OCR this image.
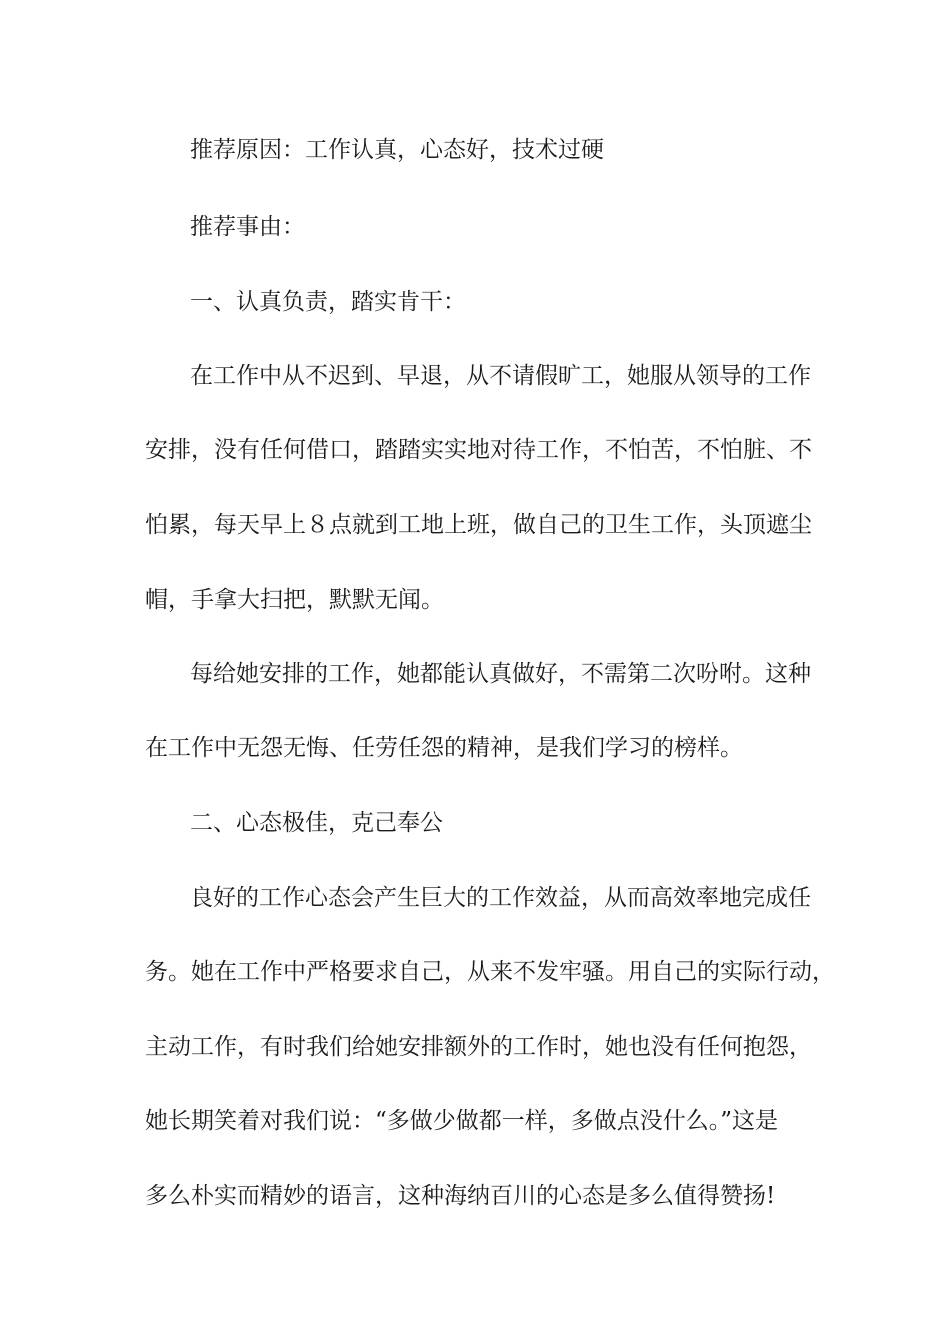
推荐原因：工作认真，心态好，技术过硬
推荐事由：
一、认真负责，踏实肯干：
在工作中从不迟到、早退，从不请假旷工，她服从领导的工作
安排，没有任何借口，踏踏实实地对待工作，不怕苦，不怕脏、不
怕累，每天早上８点就到工地上班，做自己的卫生工作，头顶遮尘
帽，手拿大扫把，默默无闻。
每给她安排的工作，她都能认真做好，不需第二次吩咐。这种
在工作中无怨无悔、任劳任怨的精神，是我们学习的榜样。
二、心态极佳，克己奉公
良好的工作心态会产生巨大的工作效益，从而高效率地完成任
务。她在工作中严格要求自己，从来不发牢骚。用自己的实际行动，
主动工作，有时我们给她安排额外的工作时，她也没有任何抱怨，
她长期笑着对我们说：“多做少做都一样，多做点没什么。”这是
多么朴实而精妙的语言，这种海纳百川的心态是多么值得赞扬!
